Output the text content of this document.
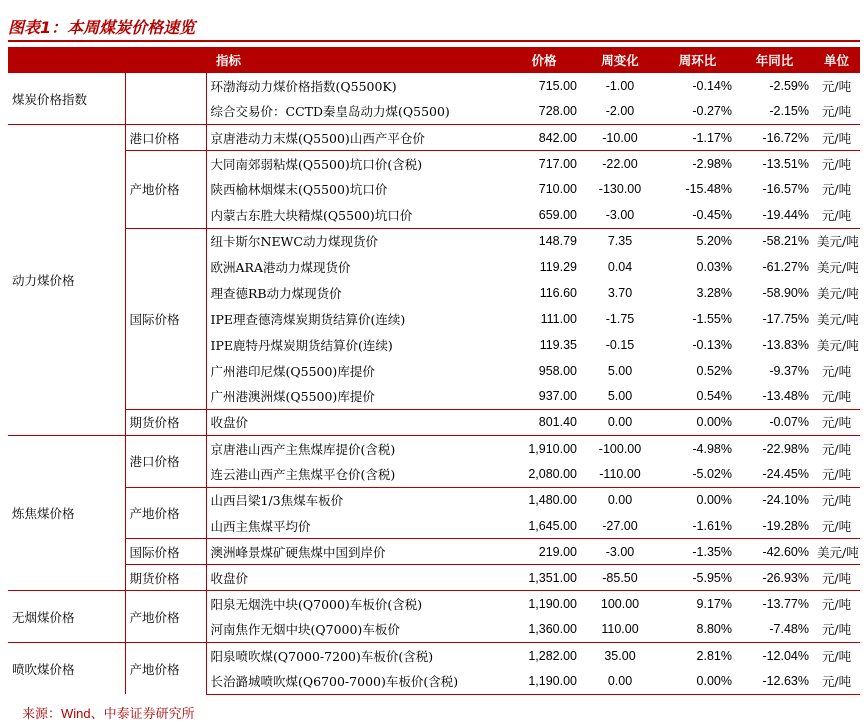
图表1：本周煤炭价格速览
		指标	价格	周变化	周环比	年同比	单位
煤炭价格指数		环渤海动力煤价格指数(Q5500K)	715.00	-1.00	-0.14%	-2.59%	元/吨
		综合交易价：CCTD秦皇岛动力煤(Q5500)	728.00	-2.00	-0.27%	-2.15%	元/吨
动力煤价格	港口价格	京唐港动力末煤(Q5500)山西产平仓价	842.00	-10.00	-1.17%	-16.72%	元/吨
	产地价格	大同南郊弱粘煤(Q5500)坑口价(含税)	717.00	-22.00	-2.98%	-13.51%	元/吨
		陕西榆林烟煤末(Q5500)坑口价	710.00	-130.00	-15.48%	-16.57%	元/吨
		内蒙古东胜大块精煤(Q5500)坑口价	659.00	-3.00	-0.45%	-19.44%	元/吨
	国际价格	纽卡斯尔NEWC动力煤现货价	148.79	7.35	5.20%	-58.21%	美元/吨
		欧洲ARA港动力煤现货价	119.29	0.04	0.03%	-61.27%	美元/吨
		理查德RB动力煤现货价	116.60	3.70	3.28%	-58.90%	美元/吨
		IPE理查德湾煤炭期货结算价(连续)	111.00	-1.75	-1.55%	-17.75%	美元/吨
		IPE鹿特丹煤炭期货结算价(连续)	119.35	-0.15	-0.13%	-13.83%	美元/吨
		广州港印尼煤(Q5500)库提价	958.00	5.00	0.52%	-9.37%	元/吨
		广州港澳洲煤(Q5500)库提价	937.00	5.00	0.54%	-13.48%	元/吨
	期货价格	收盘价	801.40	0.00	0.00%	-0.07%	元/吨
炼焦煤价格	港口价格	京唐港山西产主焦煤库提价(含税)	1,910.00	-100.00	-4.98%	-22.98%	元/吨
		连云港山西产主焦煤平仓价(含税)	2,080.00	-110.00	-5.02%	-24.45%	元/吨
	产地价格	山西吕梁1/3焦煤车板价	1,480.00	0.00	0.00%	-24.10%	元/吨
		山西主焦煤平均价	1,645.00	-27.00	-1.61%	-19.28%	元/吨
	国际价格	澳洲峰景煤矿硬焦煤中国到岸价	219.00	-3.00	-1.35%	-42.60%	美元/吨
	期货价格	收盘价	1,351.00	-85.50	-5.95%	-26.93%	元/吨
无烟煤价格	产地价格	阳泉无烟洗中块(Q7000)车板价(含税)	1,190.00	100.00	9.17%	-13.77%	元/吨
		河南焦作无烟中块(Q7000)车板价	1,360.00	110.00	8.80%	-7.48%	元/吨
喷吹煤价格	产地价格	阳泉喷吹煤(Q7000-7200)车板价(含税)	1,282.00	35.00	2.81%	-12.04%	元/吨
		长治潞城喷吹煤(Q6700-7000)车板价(含税)	1,190.00	0.00	0.00%	-12.63%	元/吨
来源：Wind、中泰证券研究所
